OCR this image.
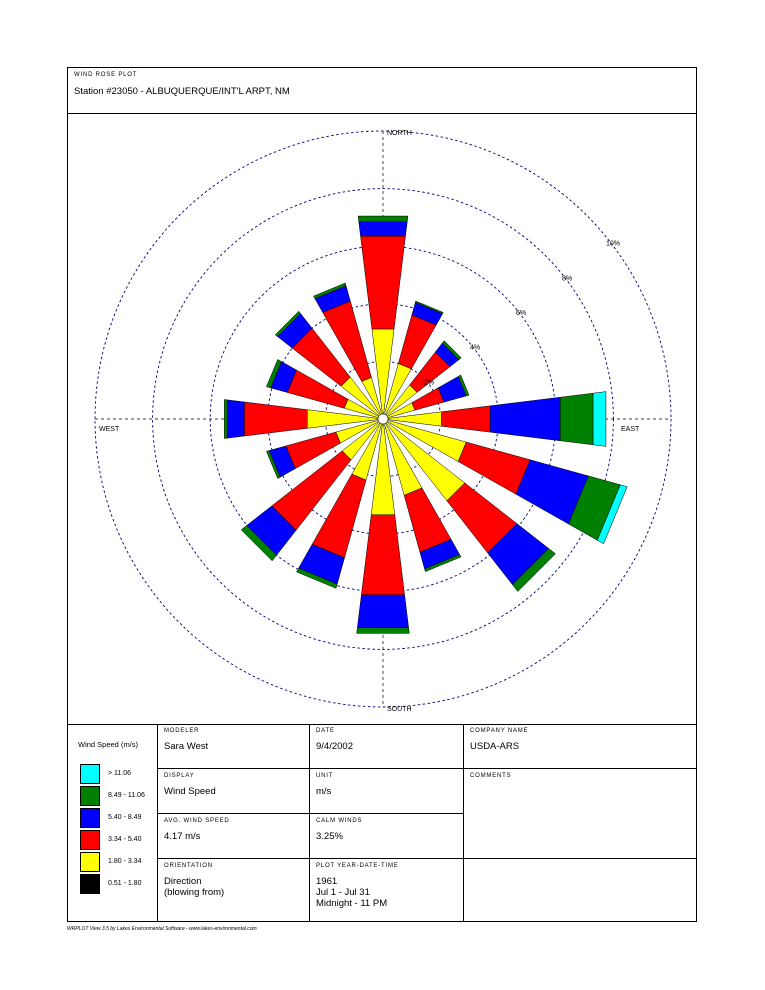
WIND ROSE PLOT
Station #23050 - ALBUQUERQUE/INT'L ARPT, NM
2%
4%
6%
8%
10%
NORTH
SOUTH
EAST
WEST
Wind Speed (m/s)
> 11.06
8.49 - 11.06
5.40 - 8.49
3.34 - 5.40
1.80 - 3.34
0.51 - 1.80
MODELER
Sara West
DATE
9/4/2002
COMPANY NAME
USDA-ARS
DISPLAY
Wind Speed
UNIT
m/s
COMMENTS
AVG. WIND SPEED
4.17 m/s
CALM WINDS
3.25%
ORIENTATION
Direction
(blowing from)
PLOT YEAR-DATE-TIME
1961
Jul 1 - Jul 31
Midnight - 11 PM
WRPLOT View 3.5 by Lakes Environmental Software - www.lakes-environmental.com
